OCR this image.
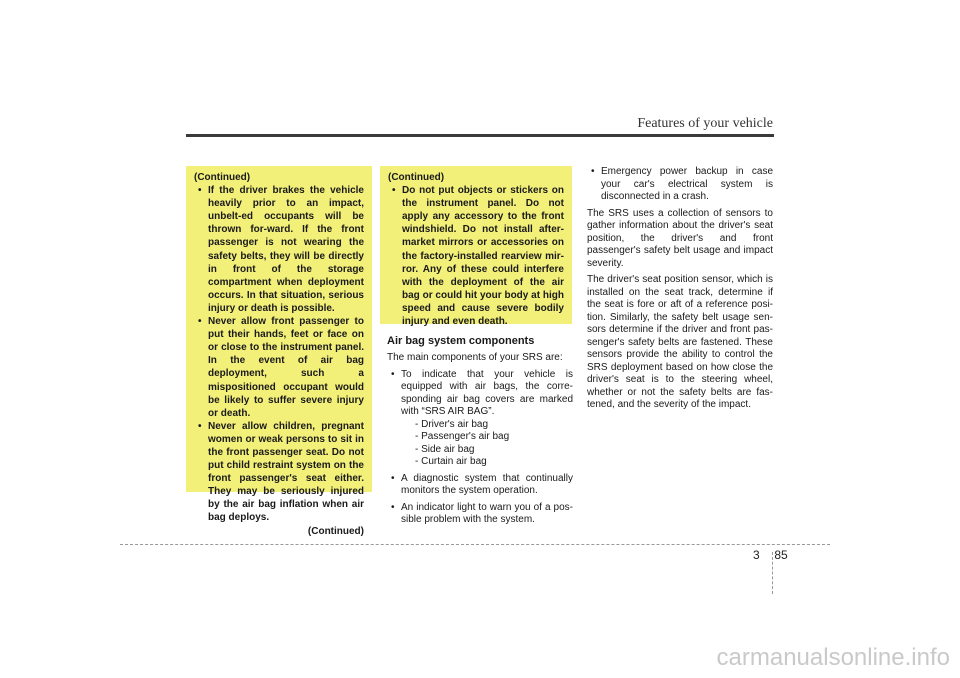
Features of your vehicle
(Continued)
• If the driver brakes the vehicle heavily prior to an impact, unbelt-ed occupants will be thrown for-ward. If the front passenger is not wearing the safety belts, they will be directly in front of the storage compartment when deployment occurs. In that situation, serious injury or death is possible.
• Never allow front passenger to put their hands, feet or face on or close to the instrument panel. In the event of air bag deployment, such a mispositioned occupant would be likely to suffer severe injury or death.
• Never allow children, pregnant women or weak persons to sit in the front passenger seat. Do not put child restraint system on the front passenger's seat either. They may be seriously injured by the air bag inflation when air bag deploys.
(Continued)
(Continued)
• Do not put objects or stickers on the instrument panel. Do not apply any accessory to the front windshield. Do not install after-market mirrors or accessories on the factory-installed rearview mir-ror. Any of these could interfere with the deployment of the air bag or could hit your body at high speed and cause severe bodily injury and even death.
Air bag system components

The main components of your SRS are:

• To indicate that your vehicle is equipped with air bags, the corre-sponding air bag covers are marked with “SRS AIR BAG”.
- Driver's air bag
- Passenger's air bag
- Side air bag
- Curtain air bag
• A diagnostic system that continually monitors the system operation.
• An indicator light to warn you of a pos-sible problem with the system.
• Emergency power backup in case your car's electrical system is disconnected in a crash.

The SRS uses a collection of sensors to gather information about the driver's seat position, the driver's and front passenger's safety belt usage and impact severity.

The driver's seat position sensor, which is installed on the seat track, determine if the seat is fore or aft of a reference posi-tion. Similarly, the safety belt usage sen-sors determine if the driver and front pas-senger's safety belts are fastened. These sensors provide the ability to control the SRS deployment based on how close the driver's seat is to the steering wheel, whether or not the safety belts are fas-tened, and the severity of the impact.

3 85
carmanualsonline.info
